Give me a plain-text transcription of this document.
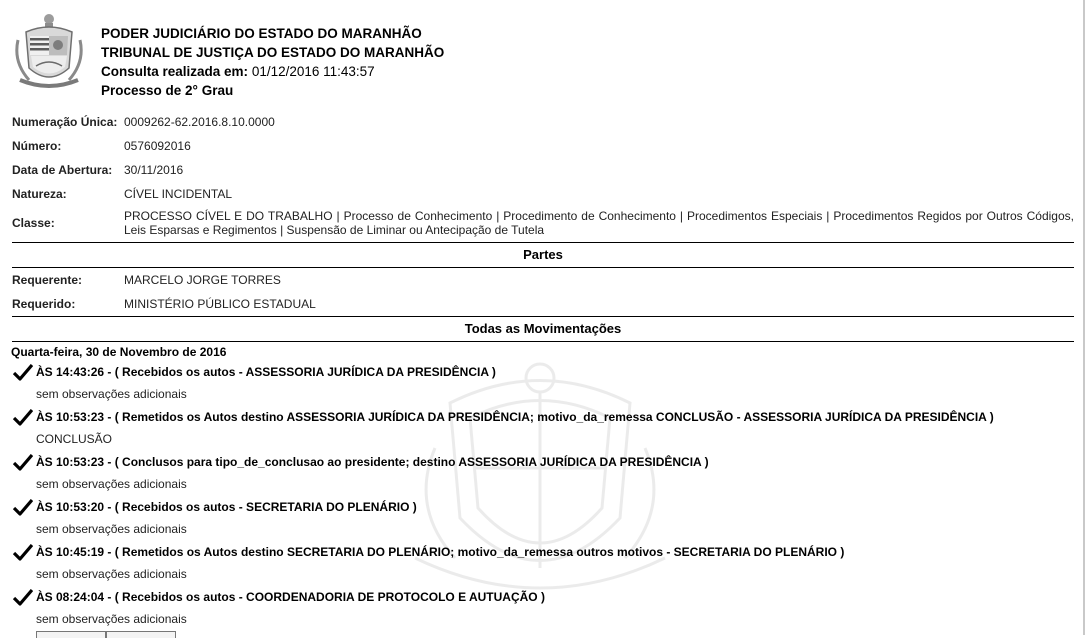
PODER JUDICIÁRIO DO ESTADO DO MARANHÃO
TRIBUNAL DE JUSTIÇA DO ESTADO DO MARANHÃO
Consulta realizada em: 01/12/2016 11:43:57
Processo de 2° Grau
Numeração Única: 0009262-62.2016.8.10.0000
Número:	0576092016
Data de Abertura: 30/11/2016
Natureza:	CÍVEL INCIDENTAL
Classe:	PROCESSO CÍVEL E DO TRABALHO | Processo de Conhecimento | Procedimento de Conhecimento | Procedimentos Especiais | Procedimentos Regidos por Outros Códigos, Leis Esparsas e Regimentos | Suspensão de Liminar ou Antecipação de Tutela
Partes
Requerente:	MARCELO JORGE TORRES
Requerido:	MINISTÉRIO PÚBLICO ESTADUAL
Todas as Movimentações
Quarta-feira, 30 de Novembro de 2016
ÀS 14:43:26 - ( Recebidos os autos - ASSESSORIA JURÍDICA DA PRESIDÊNCIA )
sem observações adicionais
ÀS 10:53:23 - ( Remetidos os Autos destino ASSESSORIA JURÍDICA DA PRESIDÊNCIA; motivo_da_remessa CONCLUSÃO - ASSESSORIA JURÍDICA DA PRESIDÊNCIA )
CONCLUSÃO
ÀS 10:53:23 - ( Conclusos para tipo_de_conclusao ao presidente; destino ASSESSORIA JURÍDICA DA PRESIDÊNCIA )
sem observações adicionais
ÀS 10:53:20 - ( Recebidos os autos - SECRETARIA DO PLENÁRIO )
sem observações adicionais
ÀS 10:45:19 - ( Remetidos os Autos destino SECRETARIA DO PLENÁRIO; motivo_da_remessa outros motivos - SECRETARIA DO PLENÁRIO )
sem observações adicionais
ÀS 08:24:04 - ( Recebidos os autos - COORDENADORIA DE PROTOCOLO E AUTUAÇÃO )
sem observações adicionais
